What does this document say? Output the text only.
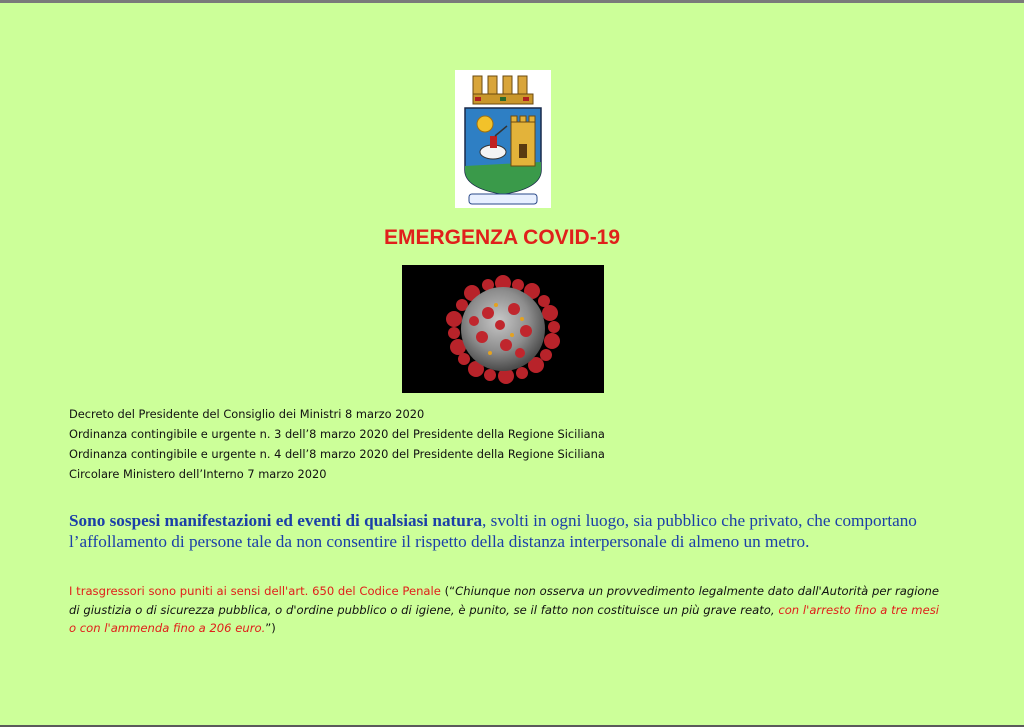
EMERGENZA COVID-19
Decreto del Presidente del Consiglio dei Ministri 8 marzo 2020
Ordinanza contingibile e urgente n. 3 dell’8 marzo 2020 del Presidente della Regione Siciliana
Ordinanza contingibile e urgente n. 4 dell’8 marzo 2020 del Presidente della Regione Siciliana
Circolare Ministero dell’Interno 7 marzo 2020
Sono sospesi manifestazioni ed eventi di qualsiasi natura, svolti in ogni luogo, sia pubblico che privato, che comportano l’affollamento di persone tale da non consentire il rispetto della distanza interpersonale di almeno un metro.
I trasgressori sono puniti ai sensi dell'art. 650 del Codice Penale (“Chiunque non osserva un provvedimento legalmente dato dall'Autorità per ragione di giustizia o di sicurezza pubblica, o d'ordine pubblico o di igiene, è punito, se il fatto non costituisce un più grave reato, con l'arresto fino a tre mesi o con l'ammenda fino a 206 euro.”)
